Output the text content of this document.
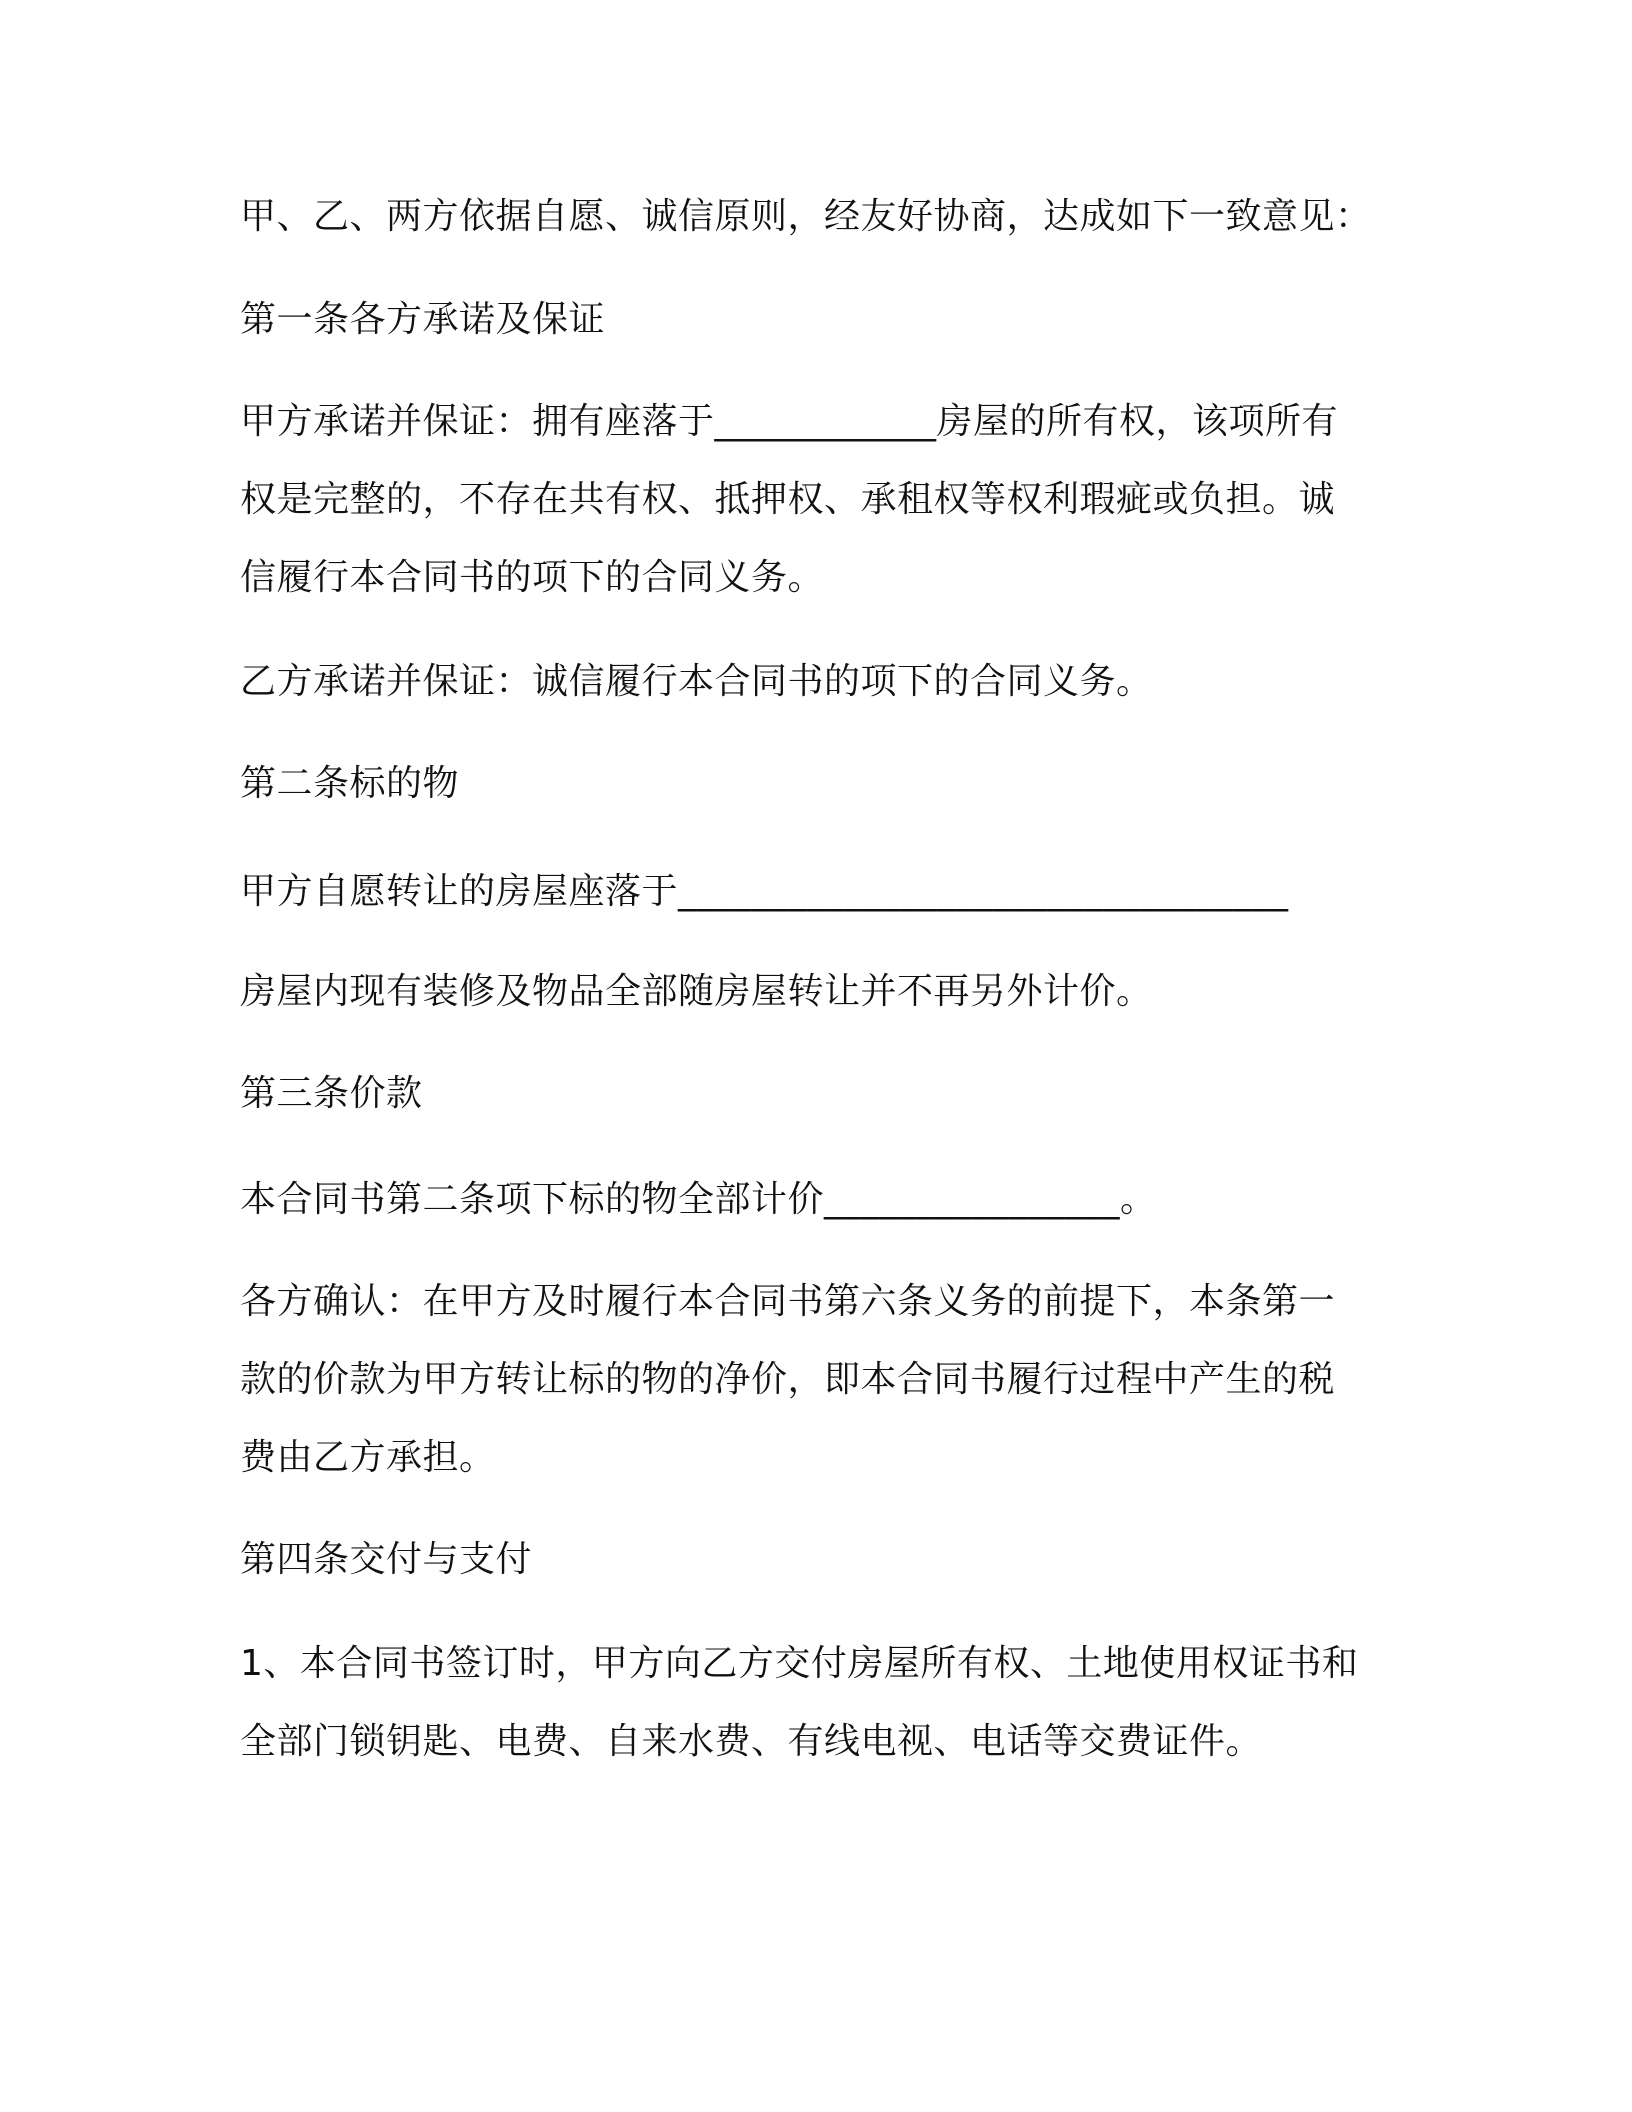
甲、乙、两方依据自愿、诚信原则，经友好协商，达成如下一致意见：

第一条各方承诺及保证

甲方承诺并保证：拥有座落于____________房屋的所有权，该项所有

权是完整的，不存在共有权、抵押权、承租权等权利瑕疵或负担。诚

信履行本合同书的项下的合同义务。

乙方承诺并保证：诚信履行本合同书的项下的合同义务。

第二条标的物

甲方自愿转让的房屋座落于_________________________________

房屋内现有装修及物品全部随房屋转让并不再另外计价。

第三条价款

本合同书第二条项下标的物全部计价________________。

各方确认：在甲方及时履行本合同书第六条义务的前提下，本条第一

款的价款为甲方转让标的物的净价，即本合同书履行过程中产生的税

费由乙方承担。

第四条交付与支付

1、本合同书签订时，甲方向乙方交付房屋所有权、土地使用权证书和

全部门锁钥匙、电费、自来水费、有线电视、电话等交费证件。
